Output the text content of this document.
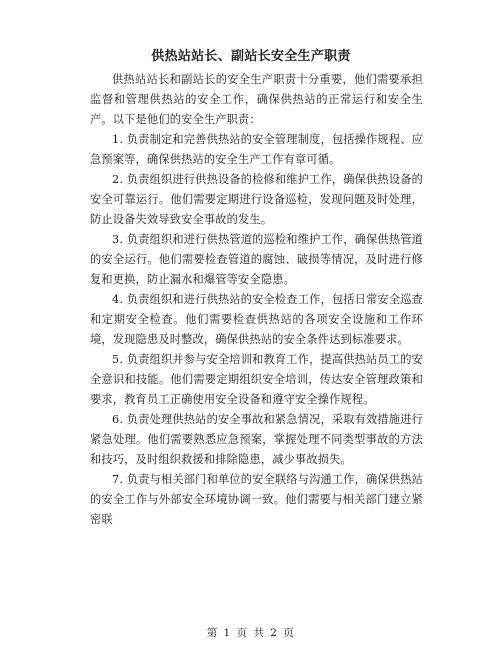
供热站站长、副站长安全生产职责

供热站站长和副站长的安全生产职责十分重要，他们需要承担监督和管理供热站的安全工作，确保供热站的正常运行和安全生产。以下是他们的安全生产职责：

1. 负责制定和完善供热站的安全管理制度，包括操作规程、应急预案等，确保供热站的安全生产工作有章可循。

2. 负责组织进行供热设备的检修和维护工作，确保供热设备的安全可靠运行。他们需要定期进行设备巡检，发现问题及时处理，防止设备失效导致安全事故的发生。

3. 负责组织和进行供热管道的巡检和维护工作，确保供热管道的安全运行。他们需要检查管道的腐蚀、破损等情况，及时进行修复和更换，防止漏水和爆管等安全隐患。

4. 负责组织和进行供热站的安全检查工作，包括日常安全巡查和定期安全检查。他们需要检查供热站的各项安全设施和工作环境，发现隐患及时整改，确保供热站的安全条件达到标准要求。

5. 负责组织并参与安全培训和教育工作，提高供热站员工的安全意识和技能。他们需要定期组织安全培训，传达安全管理政策和要求，教育员工正确使用安全设备和遵守安全操作规程。

6. 负责处理供热站的安全事故和紧急情况，采取有效措施进行紧急处理。他们需要熟悉应急预案，掌握处理不同类型事故的方法和技巧，及时组织救援和排除隐患，减少事故损失。

7. 负责与相关部门和单位的安全联络与沟通工作，确保供热站的安全工作与外部安全环境协调一致。他们需要与相关部门建立紧密联

第 1 页 共 2 页
